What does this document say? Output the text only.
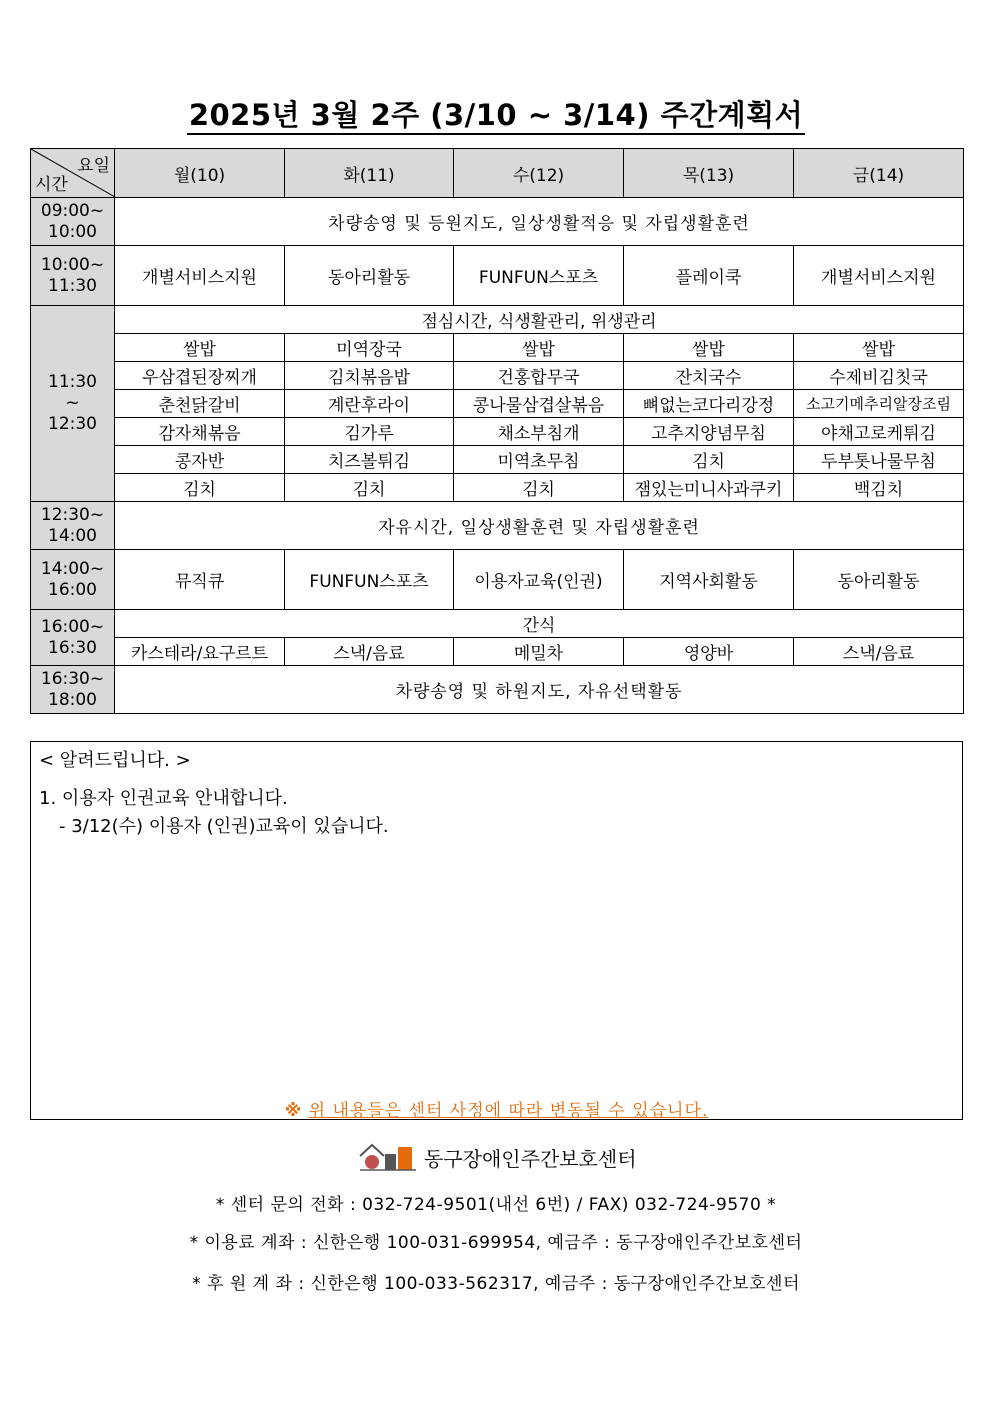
2025년 3월 2주 (3/10 ~ 3/14) 주간계획서
요일
시간	월(10)	화(11)	수(12)	목(13)	금(14)

09:00~
10:00	차량송영 및 등원지도, 일상생활적응 및 자립생활훈련				

10:00~
11:30	개별서비스지원	동아리활동	FUNFUN스포츠	플레이쿡	개별서비스지원

11:30
~
12:30	점심시간, 식생활관리, 위생관리				
	쌀밥	미역장국	쌀밥	쌀밥	쌀밥
	우삼겹된장찌개	김치볶음밥	건홍합무국	잔치국수	수제비김칫국
	춘천닭갈비	계란후라이	콩나물삼겹살볶음	뼈없는코다리강정	소고기메추리알장조림
	감자채볶음	김가루	채소부침개	고추지양념무침	야채고로케튀김
	콩자반	치즈볼튀김	미역초무침	김치	두부톳나물무침
	김치	김치	김치	잼있는미니사과쿠키	백김치

12:30~
14:00	자유시간, 일상생활훈련 및 자립생활훈련				

14:00~
16:00	뮤직큐	FUNFUN스포츠	이용자교육(인권)	지역사회활동	동아리활동

16:00~
16:30	간식				
	카스테라/요구르트	스낵/음료	메밀차	영양바	스낵/음료

16:30~
18:00	차량송영 및 하원지도, 자유선택활동				
< 알려드립니다. >
1. 이용자 인권교육 안내합니다.
- 3/12(수) 이용자 (인권)교육이 있습니다.
※ 위 내용들은 센터 사정에 따라 변동될 수 있습니다.
동구장애인주간보호센터
* 센터 문의 전화 : 032-724-9501(내선 6번) / FAX) 032-724-9570 *
* 이용료 계좌 : 신한은행 100-031-699954, 예금주 : 동구장애인주간보호센터
* 후 원 계 좌 : 신한은행 100-033-562317, 예금주 : 동구장애인주간보호센터
